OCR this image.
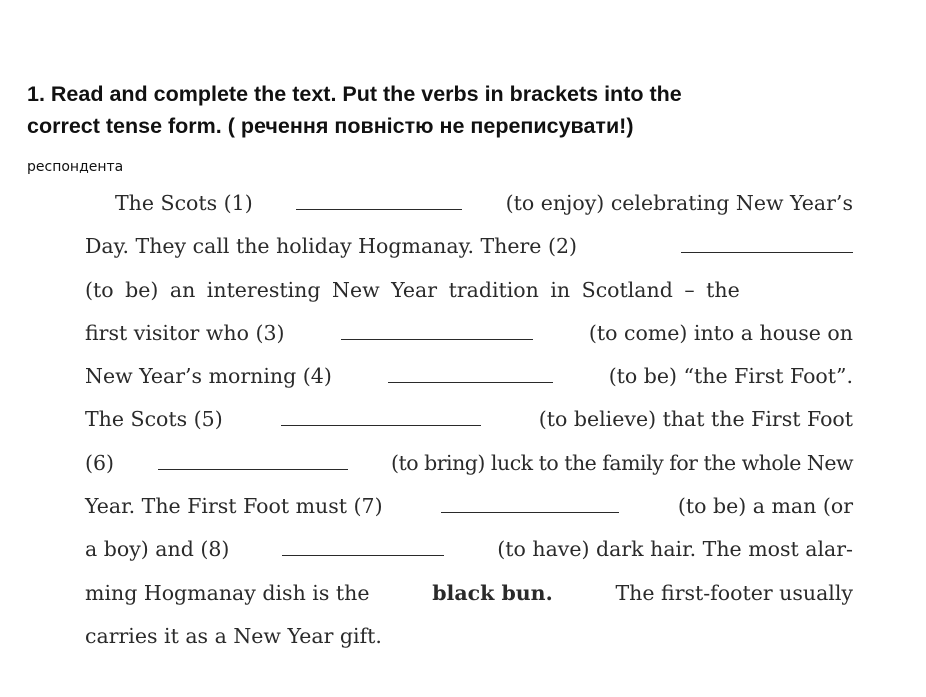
1. Read and complete the text. Put the verbs in brackets into the
correct tense form. ( речення повністю не переписувати!)
респондента
The Scots (1)	(to enjoy) celebrating New Year’s
Day. They call the holiday Hogmanay. There (2)
(to be) an interesting New Year tradition in Scotland – the
first visitor who (3)	(to come) into a house on
New Year’s morning (4)	(to be) “the First Foot”.
The Scots (5)	(to believe) that the First Foot
(6)	(to bring) luck to the family for the whole New
Year. The First Foot must (7)	(to be) a man (or
a boy) and (8)	(to have) dark hair. The most alar-
ming Hogmanay dish is the	black bun.	The first-footer usually
carries it as a New Year gift.
